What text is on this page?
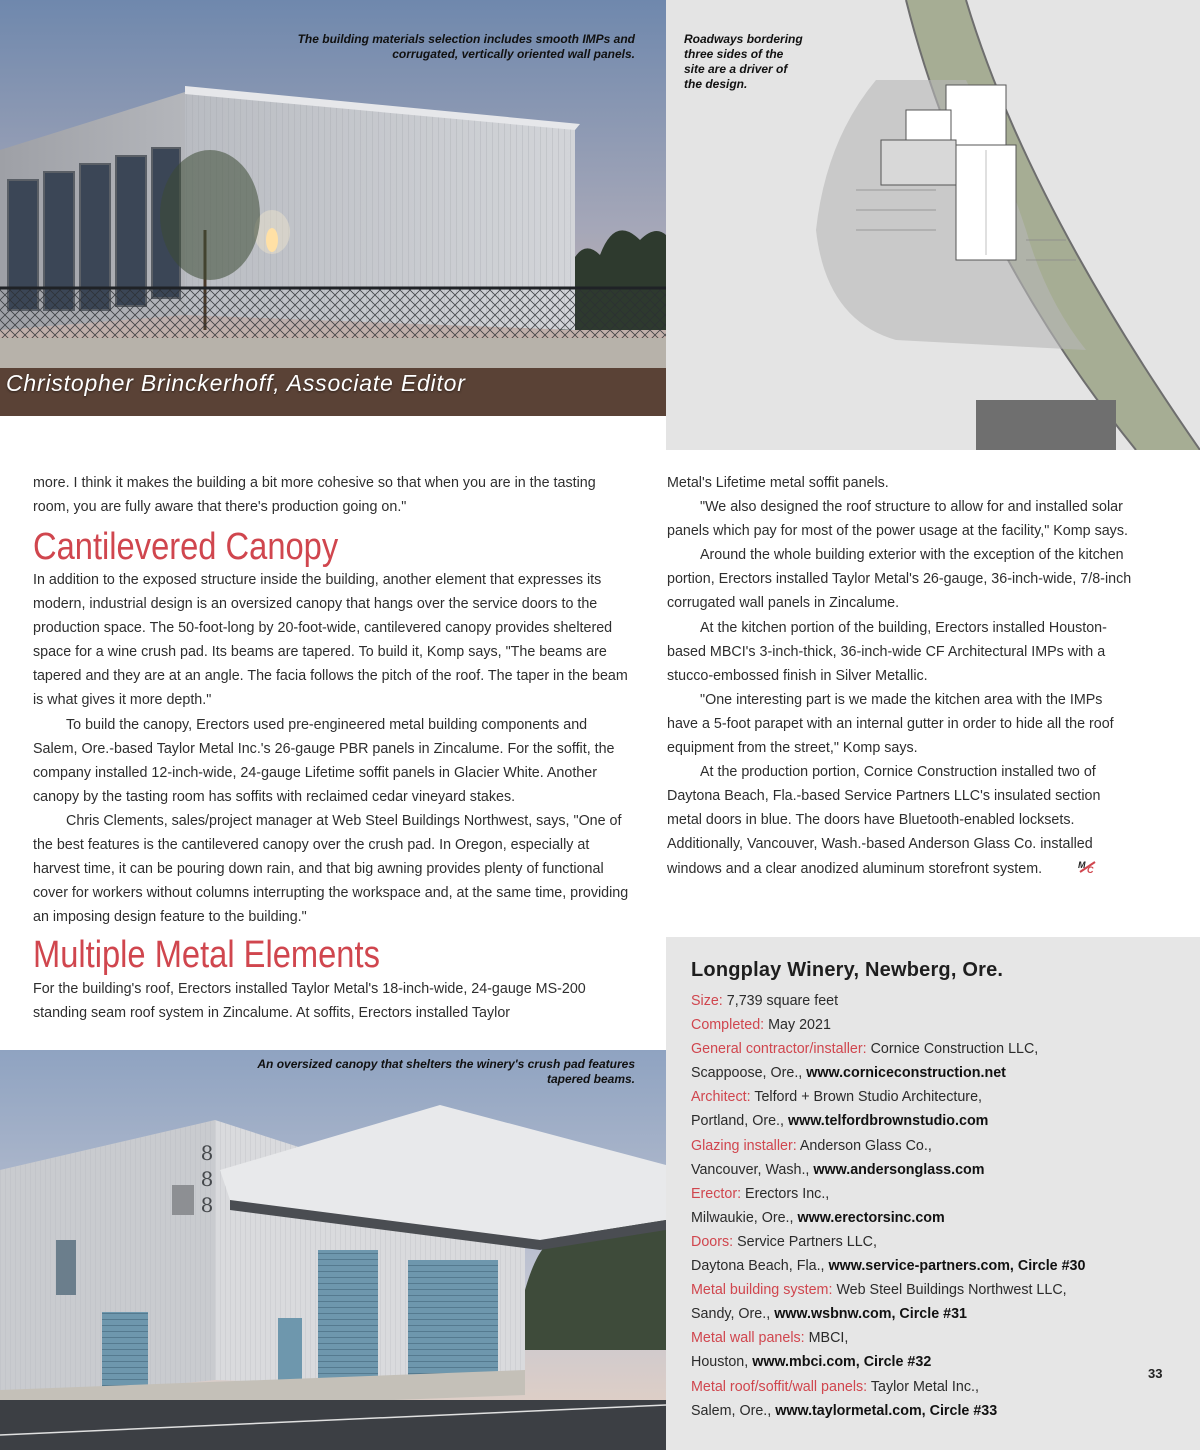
The building materials selection includes smooth IMPs and corrugated, vertically oriented wall panels.
Christopher Brinckerhoff, Associate Editor
Roadways bordering three sides of the site are a driver of the design.

more. I think it makes the building a bit more cohesive so that when you are in the tasting room, you are fully aware that there's production going on."

Cantilevered Canopy

In addition to the exposed structure inside the building, another element that expresses its modern, industrial design is an oversized canopy that hangs over the service doors to the production space. The 50-foot-long by 20-foot-wide, cantilevered canopy provides sheltered space for a wine crush pad. Its beams are tapered. To build it, Komp says, "The beams are tapered and they are at an angle. The facia follows the pitch of the roof. The taper in the beam is what gives it more depth."

To build the canopy, Erectors used pre-engineered metal building components and Salem, Ore.-based Taylor Metal Inc.'s 26-gauge PBR panels in Zincalume. For the soffit, the company installed 12-inch-wide, 24-gauge Lifetime soffit panels in Glacier White. Another canopy by the tasting room has soffits with reclaimed cedar vineyard stakes.

Chris Clements, sales/project manager at Web Steel Buildings Northwest, says, "One of the best features is the cantilevered canopy over the crush pad. In Oregon, especially at harvest time, it can be pouring down rain, and that big awning provides plenty of functional cover for workers without columns interrupting the workspace and, at the same time, providing an imposing design feature to the building."

Multiple Metal Elements

For the building's roof, Erectors installed Taylor Metal's 18-inch-wide, 24-gauge MS-200 standing seam roof system in Zincalume. At soffits, Erectors installed Taylor

Metal's Lifetime metal soffit panels.

"We also designed the roof structure to allow for and installed solar panels which pay for most of the power usage at the facility," Komp says.

Around the whole building exterior with the exception of the kitchen portion, Erectors installed Taylor Metal's 26-gauge, 36-inch-wide, 7/8-inch corrugated wall panels in Zincalume.

At the kitchen portion of the building, Erectors installed Houston-based MBCI's 3-inch-thick, 36-inch-wide CF Architectural IMPs with a stucco-embossed finish in Silver Metallic.

"One interesting part is we made the kitchen area with the IMPs have a 5-foot parapet with an internal gutter in order to hide all the roof equipment from the street," Komp says.

At the production portion, Cornice Construction installed two of Daytona Beach, Fla.-based Service Partners LLC's insulated section metal doors in blue. The doors have Bluetooth-enabled locksets. Additionally, Vancouver, Wash.-based Anderson Glass Co. installed windows and a clear anodized aluminum storefront system.	M C

An oversized canopy that shelters the winery's crush pad features tapered beams.
888
Longplay Winery, Newberg, Ore.
Size: 7,739 square feet
Completed: May 2021
General contractor/installer: Cornice Construction LLC,
Scappoose, Ore., www.corniceconstruction.net
Architect: Telford + Brown Studio Architecture,
Portland, Ore., www.telfordbrownstudio.com
Glazing installer: Anderson Glass Co.,
Vancouver, Wash., www.andersonglass.com
Erector: Erectors Inc.,
Milwaukie, Ore., www.erectorsinc.com
Doors: Service Partners LLC,
Daytona Beach, Fla., www.service-partners.com, Circle #30
Metal building system: Web Steel Buildings Northwest LLC,
Sandy, Ore., www.wsbnw.com, Circle #31
Metal wall panels: MBCI,
Houston, www.mbci.com, Circle #32
Metal roof/soffit/wall panels: Taylor Metal Inc.,
Salem, Ore., www.taylormetal.com, Circle #33
33
